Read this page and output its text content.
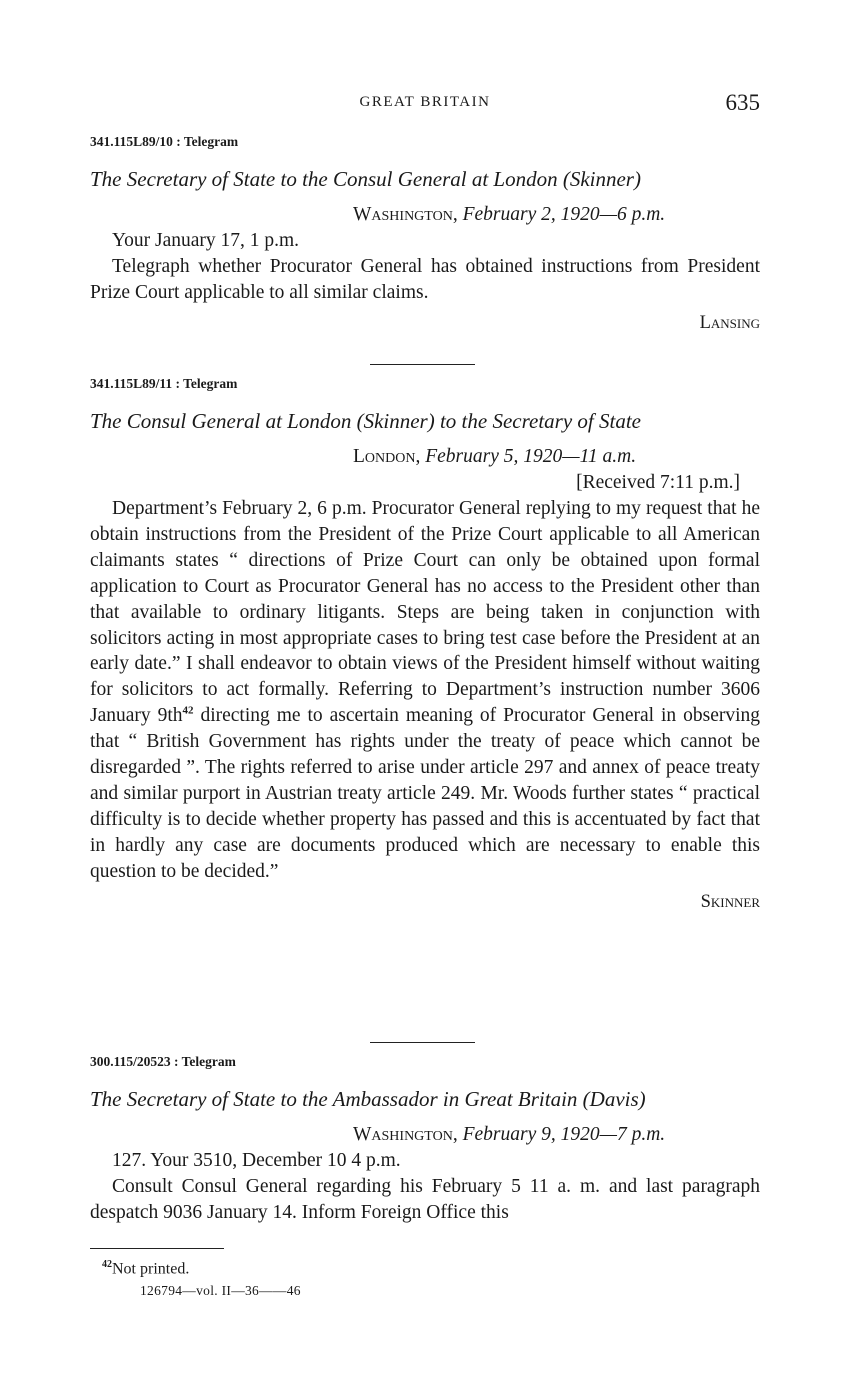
GREAT BRITAIN	635
341.115L89/10 : Telegram
The Secretary of State to the Consul General at London (Skinner)
Washington, February 2, 1920—6 p.m.

Your January 17, 1 p.m.

Telegraph whether Procurator General has obtained instructions from President Prize Court applicable to all similar claims.

Lansing
341.115L89/11 : Telegram
The Consul General at London (Skinner) to the Secretary of State
London, February 5, 1920—11 a.m.
[Received 7:11 p.m.]

Department’s February 2, 6 p.m. Procurator General replying to my request that he obtain instructions from the President of the Prize Court applicable to all American claimants states “ directions of Prize Court can only be obtained upon formal application to Court as Procurator General has no access to the President other than that available to ordinary litigants. Steps are being taken in conjunction with solicitors acting in most appropriate cases to bring test case before the President at an early date.” I shall endeavor to obtain views of the President himself without waiting for solicitors to act formally. Referring to Department’s instruction number 3606 January 9th$^{42}$ directing me to ascertain meaning of Procurator General in observing that “ British Government has rights under the treaty of peace which cannot be disregarded ”. The rights referred to arise under article 297 and annex of peace treaty and similar purport in Austrian treaty article 249. Mr. Woods further states “ practical difficulty is to decide whether property has passed and this is accentuated by fact that in hardly any case are documents produced which are necessary to enable this question to be decided.”

Skinner
300.115/20523 : Telegram
The Secretary of State to the Ambassador in Great Britain (Davis)
Washington, February 9, 1920—7 p.m.

127. Your 3510, December 10 4 p.m.

Consult Consul General regarding his February 5 11 a. m. and last paragraph despatch 9036 January 14. Inform Foreign Office this

$^{42}$Not printed.
126794—vol. II—36——46
